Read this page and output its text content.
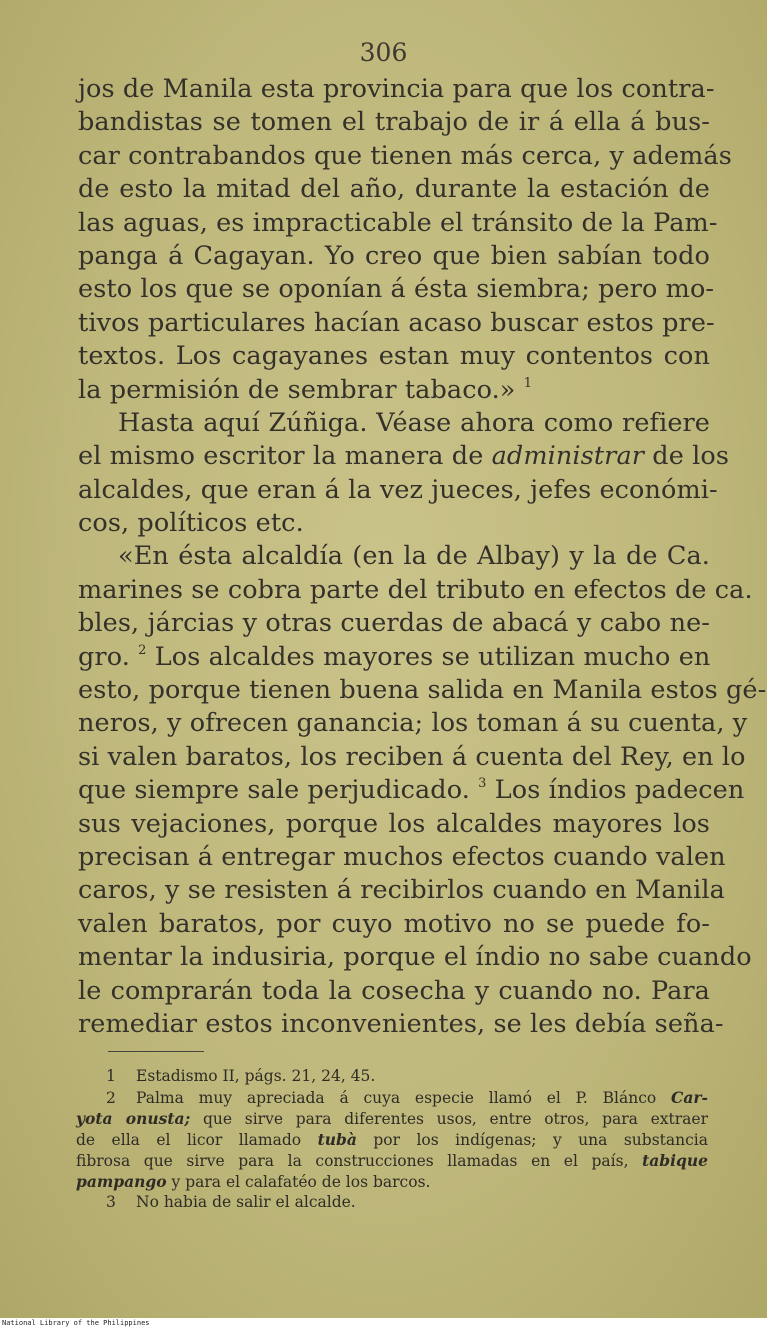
306
jos de Manila esta provincia para que los contra-
bandistas se tomen el trabajo de ir á ella á bus-
car contrabandos que tienen más cerca, y además
de esto la mitad del año, durante la estación de
las aguas, es impracticable el tránsito de la Pam-
panga á Cagayan. Yo creo que bien sabían todo
esto los que se oponían á ésta siembra; pero mo-
tivos particulares hacían acaso buscar estos pre-
textos. Los cagayanes estan muy contentos con
la permisión de sembrar tabaco.» $^1$
Hasta aquí Zúñiga. Véase ahora como refiere
el mismo escritor la manera de administrar de los
alcaldes, que eran á la vez jueces, jefes económi-
cos, políticos etc.
«En ésta alcaldía (en la de Albay) y la de Ca.
marines se cobra parte del tributo en efectos de ca.
bles, járcias y otras cuerdas de abacá y cabo ne-
gro. $^2$ Los alcaldes mayores se utilizan mucho en
esto, porque tienen buena salida en Manila estos gé-
neros, y ofrecen ganancia; los toman á su cuenta, y
si valen baratos, los reciben á cuenta del Rey, en lo
que siempre sale perjudicado. $^3$ Los índios padecen
sus vejaciones, porque los alcaldes mayores los
precisan á entregar muchos efectos cuando valen
caros, y se resisten á recibirlos cuando en Manila
valen baratos, por cuyo motivo no se puede fo-
mentar la indusiria, porque el índio no sabe cuando
le comprarán toda la cosecha y cuando no. Para
remediar estos inconvenientes, se les debía seña-
1 Estadismo II, págs. 21, 24, 45.
2 Palma muy apreciada á cuya especie llamó el P. Blánco Car-
yota onusta; que sirve para diferentes usos, entre otros, para extraer
de ella el licor llamado tubà por los indígenas; y una substancia
fibrosa que sirve para la construcciones llamadas en el país, tabique
pampango y para el calafatéo de los barcos.
3 No habia de salir el alcalde.
National Library of the Philippines
